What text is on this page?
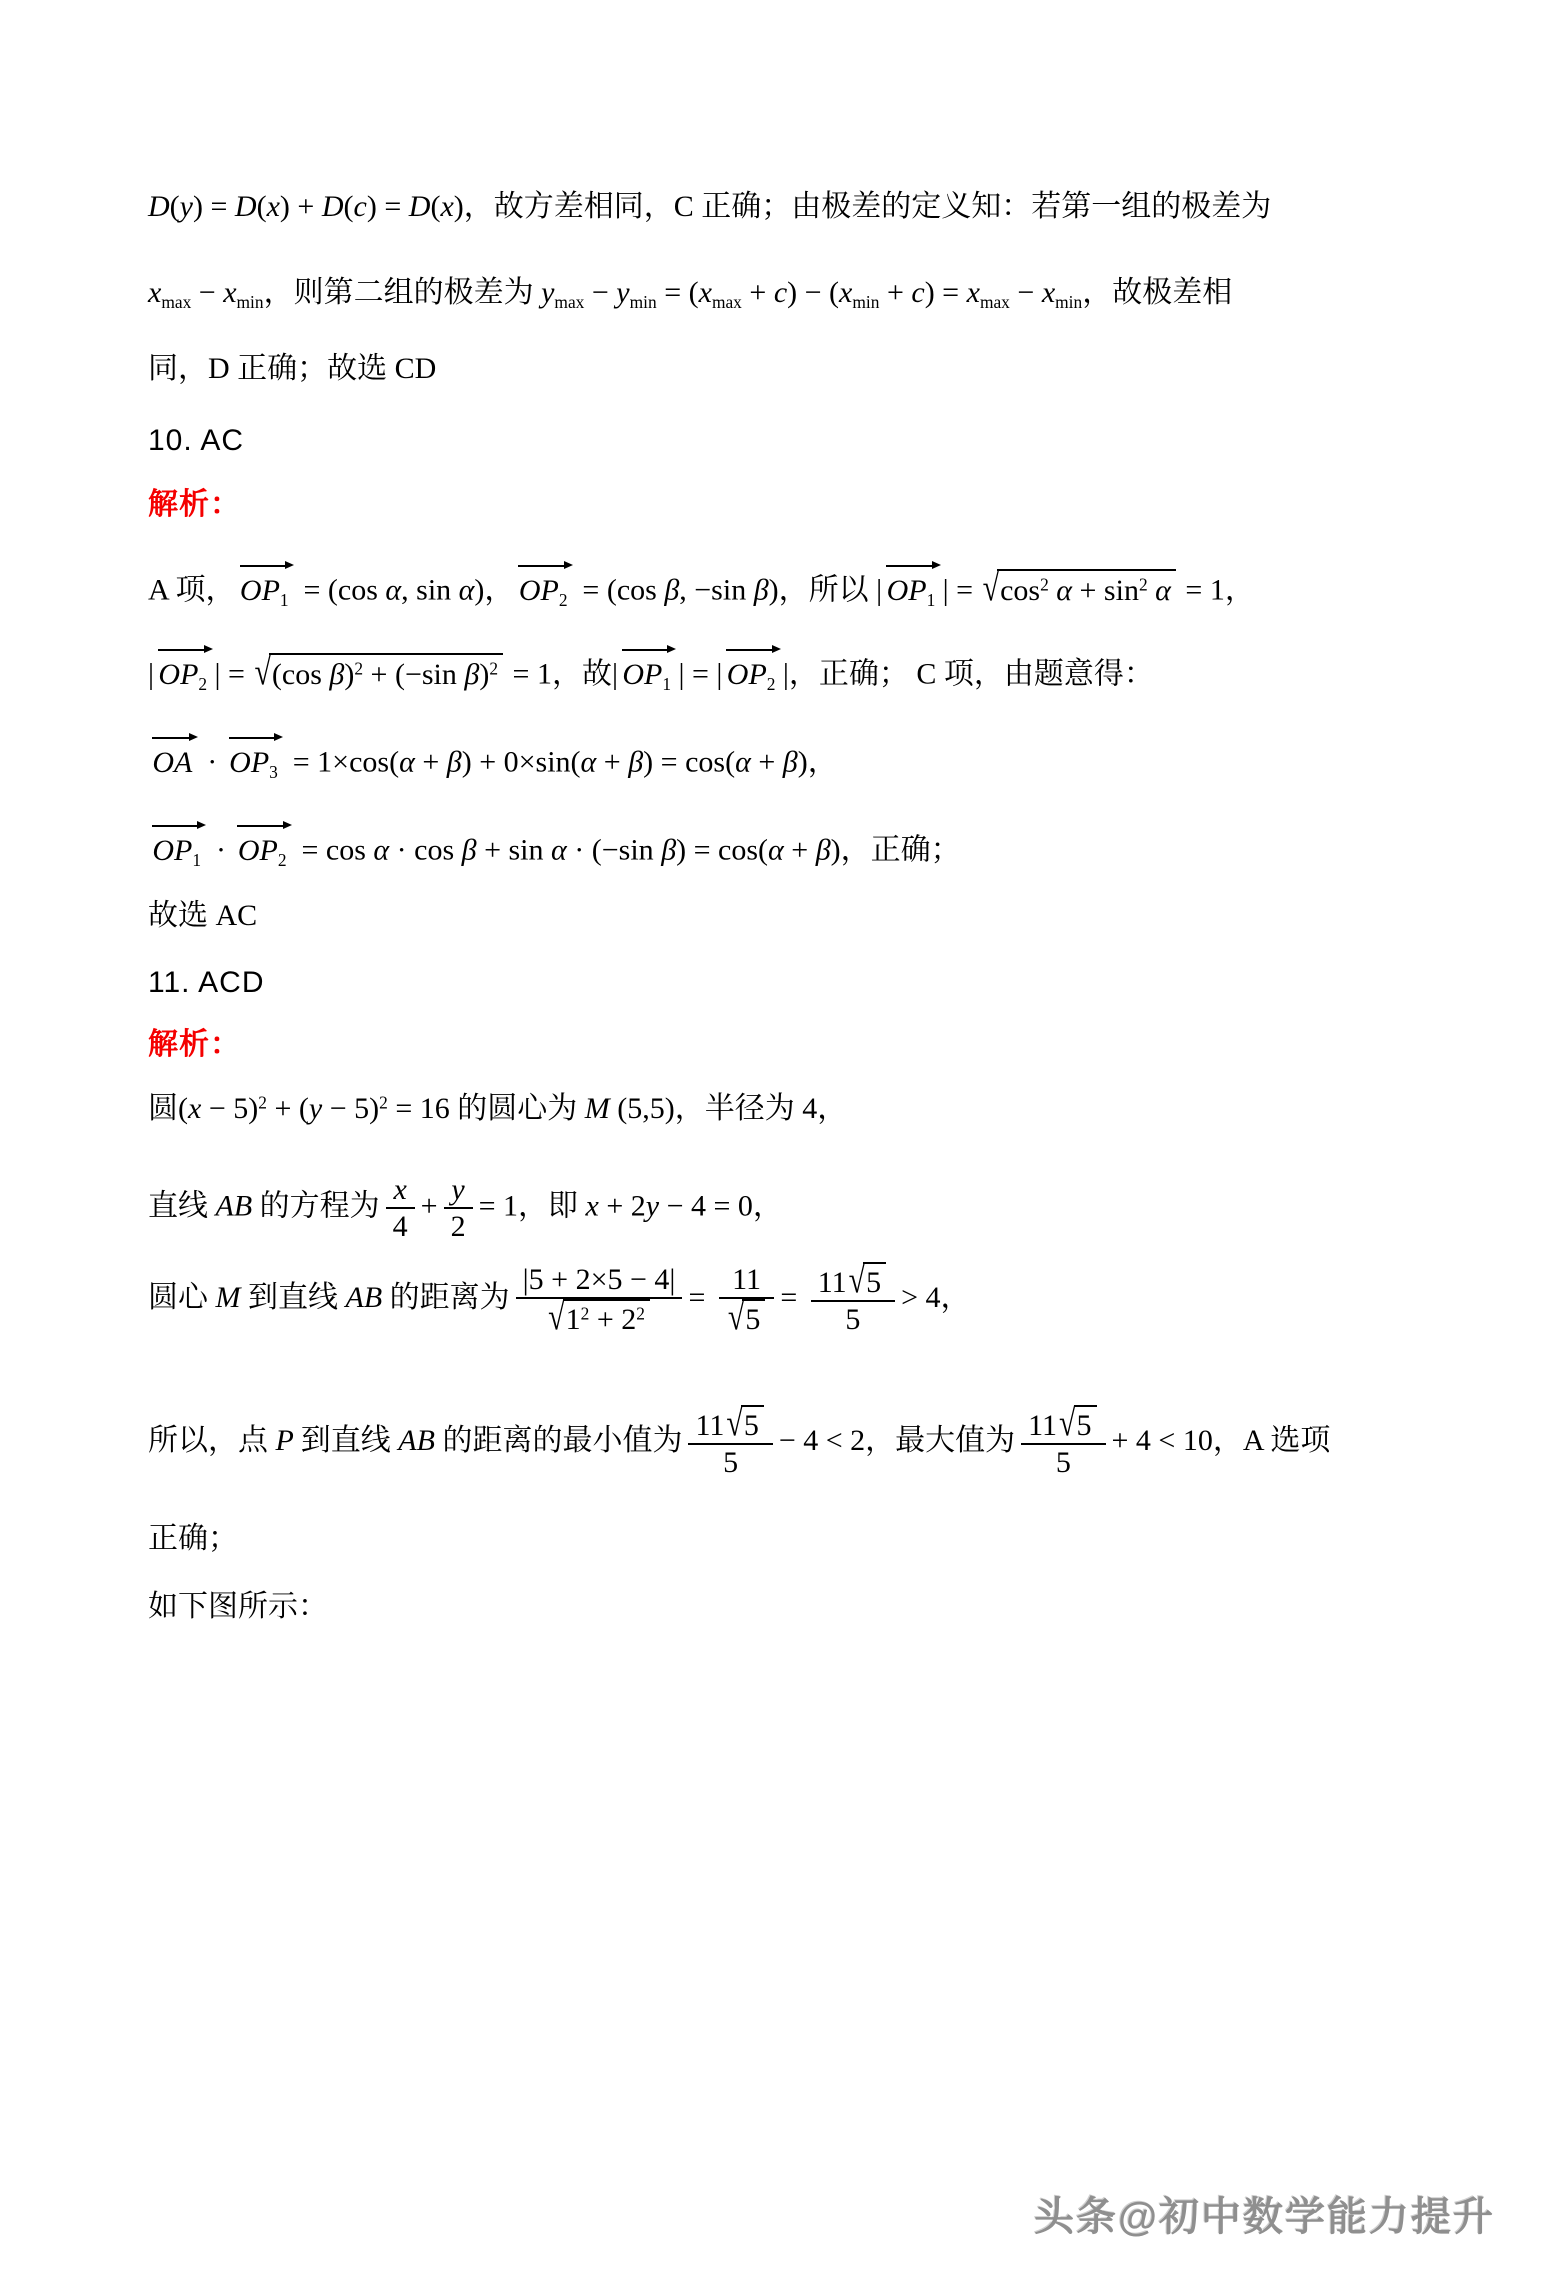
D(y) = D(x) + D(c) = D(x)，故方差相同，C 正确；由极差的定义知：若第一组的极差为
$x_{max} - x_{min}$，则第二组的极差为 $y_{max} - y_{min} = (x_{max} + c) - (x_{min} + c) = x_{max} - x_{min}$，故极差相
同，D 正确；故选 CD
10. AC
解析：
A 项， $OP_1 = (\cos$ α, sin α)， $OP_2 = (\cos$ β, −sin β)，所以 | $OP_1$ | = $√\cos^2$ $\alpha + \sin^2 \alpha = 1$，
| $OP_2$ | = √(cos β)$^2$ + (−sin β)$^2$ = 1，故| $OP_1$ | = | $OP_2$ |，正确； C 项，由题意得：
OA · $OP_3 = 1\times\cos(\alpha + \beta) + 0\times\sin(\alpha + \beta) = \cos(\alpha + \beta)$，
$OP_1 \cdot OP_2 = \cos \alpha \cdot \cos \beta + \sin \alpha \cdot (-\sin$ β) = cos(α + β)，正确；
故选 AC
11. ACD
解析：
圆$(x - 5)^2 + (y - 5)^2 = 16$ 的圆心为 M (5,5)，半径为 4，
直线 AB 的方程为 $\frac{x}{4} + \frac{y}{2} = 1$，即 x + 2y − 4 = 0，
圆心 M 到直线 AB 的距离为 $\frac{|5 + 2\times 5 - 4|}{√1^2 + 2^2} = \frac{11}{√5} = \frac{11√5}{5} > 4$，
所以，点 P 到直线 AB 的距离的最小值为 $\frac{11√5}{5} - 4 < 2$，最大值为 $\frac{11√5}{5} + 4 < 10$，A 选项
正确；
如下图所示：
头条@初中数学能力提升
